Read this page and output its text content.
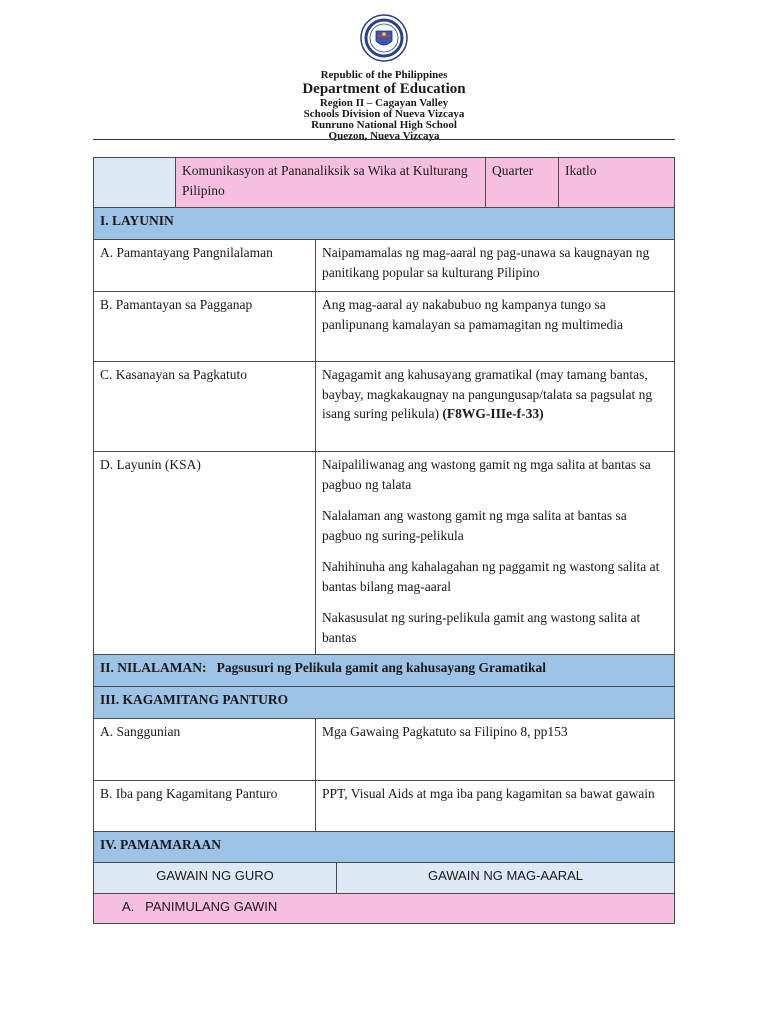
Republic of the Philippines
Department of Education
Region II – Cagayan Valley
Schools Division of Nueva Vizcaya
Runruno National High School
Quezon, Nueva Vizcaya
Komunikasyon at Pananaliksik sa Wika at Kulturang Pilipino
Quarter	Ikatlo
I. LAYUNIN
A. Pamantayang Pangnilalaman	Naipamamalas ng mag-aaral ng pag-unawa sa kaugnayan ng panitikang popular sa kulturang Pilipino
B. Pamantayan sa Pagganap	Ang mag-aaral ay nakabubuo ng kampanya tungo sa panlipunang kamalayan sa pamamagitan ng multimedia
C. Kasanayan sa Pagkatuto	Nagagamit ang kahusayang gramatikal (may tamang bantas, baybay, magkakaugnay na pangungusap/talata sa pagsulat ng isang suring pelikula) (F8WG-IIIe-f-33)
D. Layunin (KSA)	Naipaliliwanag ang wastong gamit ng mga salita at bantas sa pagbuo ng talata

Nalalaman ang wastong gamit ng mga salita at bantas sa pagbuo ng suring-pelikula

Nahihinuha ang kahalagahan ng paggamit ng wastong salita at bantas bilang mag-aaral

Nakasusulat ng suring-pelikula gamit ang wastong salita at bantas

II. NILALAMAN: Pagsusuri ng Pelikula gamit ang kahusayang Gramatikal
III. KAGAMITANG PANTURO
A. Sanggunian	Mga Gawaing Pagkatuto sa Filipino 8, pp153
B. Iba pang Kagamitang Panturo	PPT, Visual Aids at mga iba pang kagamitan sa bawat gawain
IV. PAMAMARAAN
GAWAIN NG GURO	GAWAIN NG MAG-AARAL
A.   PANIMULANG GAWIN
